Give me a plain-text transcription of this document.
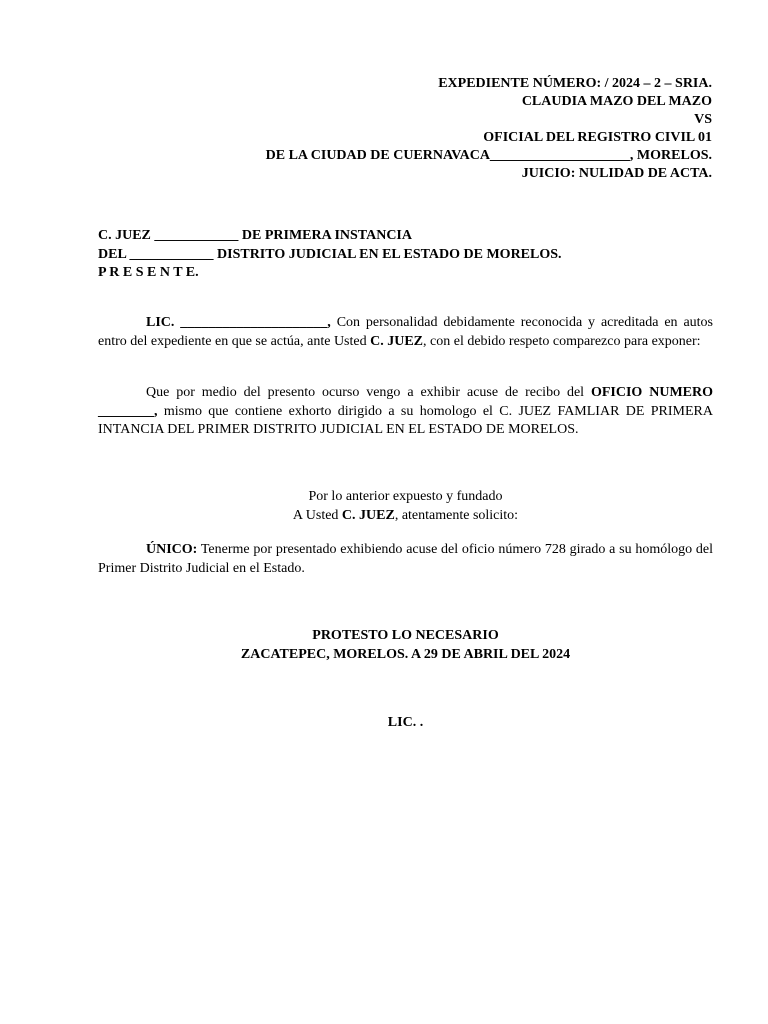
EXPEDIENTE NÚMERO: / 2024 – 2 – SRIA.
CLAUDIA MAZO DEL MAZO
VS
OFICIAL DEL REGISTRO CIVIL 01
DE LA CIUDAD DE CUERNAVACA____________________, MORELOS.
JUICIO: NULIDAD DE ACTA.
C. JUEZ ____________ DE PRIMERA INSTANCIA
DEL ____________ DISTRITO JUDICIAL EN EL ESTADO DE MORELOS.
P R E S E N T E.
LIC. _____________________, Con personalidad debidamente reconocida y acreditada en autos entro del expediente en que se actúa, ante Usted C. JUEZ, con el debido respeto comparezco para exponer:
Que por medio del presento ocurso vengo a exhibir acuse de recibo del OFICIO NUMERO ________, mismo que contiene exhorto dirigido a su homologo el C. JUEZ FAMLIAR DE PRIMERA INTANCIA DEL PRIMER DISTRITO JUDICIAL EN EL ESTADO DE MORELOS.
Por lo anterior expuesto y fundado
A Usted C. JUEZ, atentamente solicito:
ÚNICO: Tenerme por presentado exhibiendo acuse del oficio número 728 girado a su homólogo del Primer Distrito Judicial en el Estado.
PROTESTO LO NECESARIO
ZACATEPEC, MORELOS. A 29 DE ABRIL DEL 2024
LIC. .
